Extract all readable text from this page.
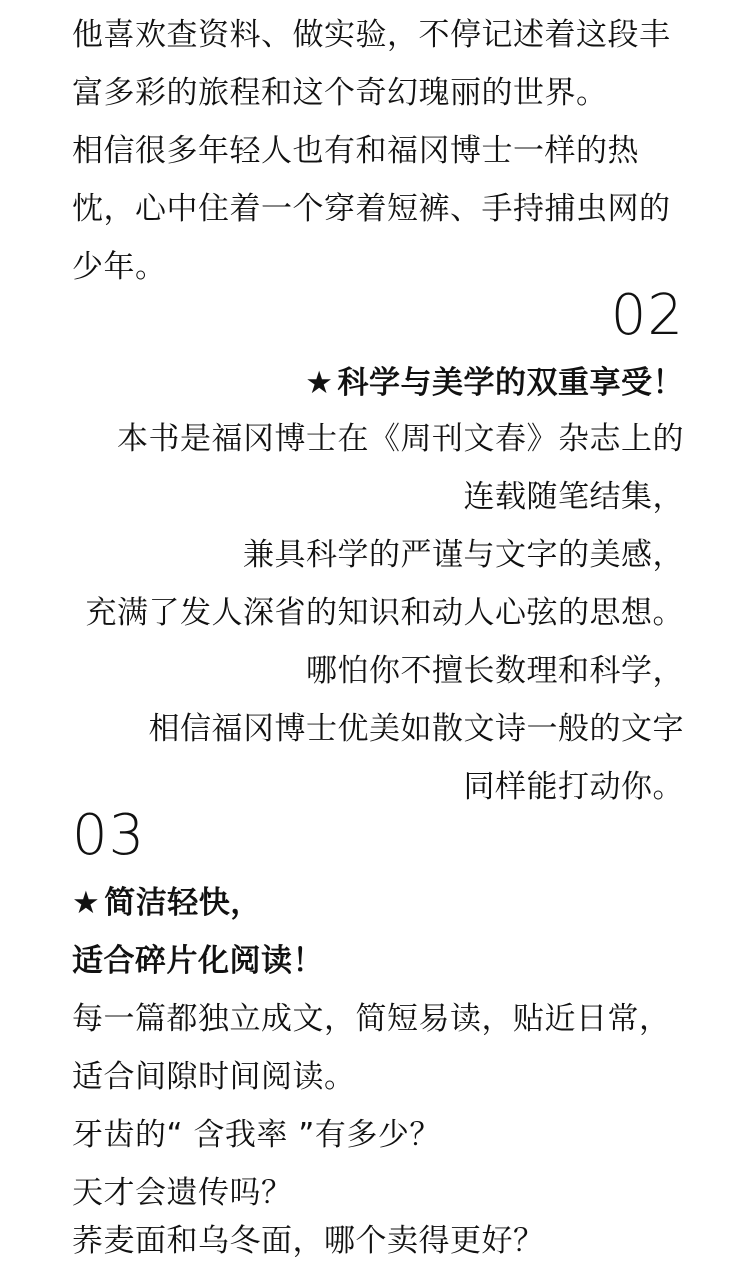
他喜欢查资料、做实验，不停记述着这段丰

富多彩的旅程和这个奇幻瑰丽的世界。

相信很多年轻人也有和福冈博士一样的热

忱，心中住着一个穿着短裤、手持捕虫网的

少年。

02

★ 科学与美学的双重享受！

本书是福冈博士在《周刊文春》杂志上的

连载随笔结集，

兼具科学的严谨与文字的美感，

充满了发人深省的知识和动人心弦的思想。

哪怕你不擅长数理和科学，

相信福冈博士优美如散文诗一般的文字

同样能打动你。

03

★ 简洁轻快，

适合碎片化阅读！

每一篇都独立成文，简短易读，贴近日常，

适合间隙时间阅读。

牙齿的“ 含我率 ”有多少？

天才会遗传吗？

荞麦面和乌冬面，哪个卖得更好？
